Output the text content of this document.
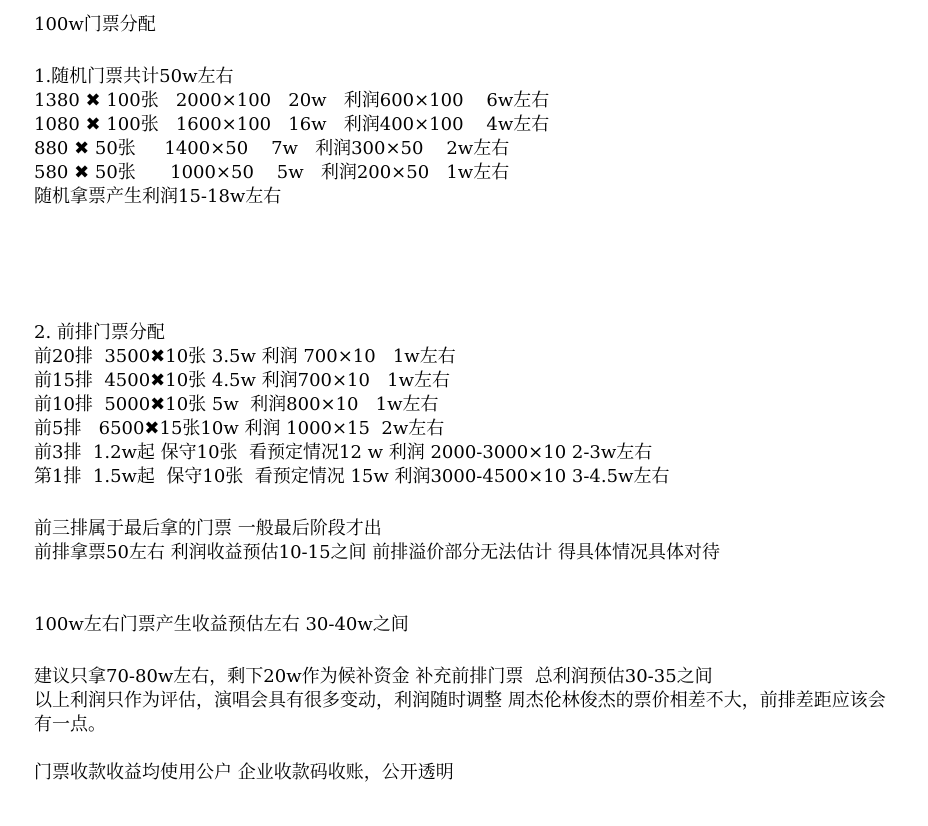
100w门票分配
1.随机门票共计50w左右
1380 ✖ 100张   2000×100   20w   利润600×100    6w左右
1080 ✖ 100张   1600×100   16w   利润400×100    4w左右
880 ✖ 50张     1400×50    7w   利润300×50    2w左右
580 ✖ 50张      1000×50    5w   利润200×50   1w左右
随机拿票产生利润15-18w左右
2. 前排门票分配
前20排  3500✖10张 3.5w 利润 700×10   1w左右
前15排  4500✖10张 4.5w 利润700×10   1w左右
前10排  5000✖10张 5w  利润800×10   1w左右
前5排   6500✖15张10w 利润 1000×15  2w左右
前3排  1.2w起 保守10张  看预定情况12 w 利润 2000-3000×10 2-3w左右
第1排  1.5w起  保守10张  看预定情况 15w 利润3000-4500×10 3-4.5w左右
前三排属于最后拿的门票 一般最后阶段才出
前排拿票50左右 利润收益预估10-15之间 前排溢价部分无法估计 得具体情况具体对待
100w左右门票产生收益预估左右 30-40w之间
建议只拿70-80w左右，剩下20w作为候补资金 补充前排门票  总利润预估30-35之间
以上利润只作为评估，演唱会具有很多变动，利润随时调整 周杰伦林俊杰的票价相差不大，前排差距应该会有一点。
门票收款收益均使用公户 企业收款码收账，公开透明
